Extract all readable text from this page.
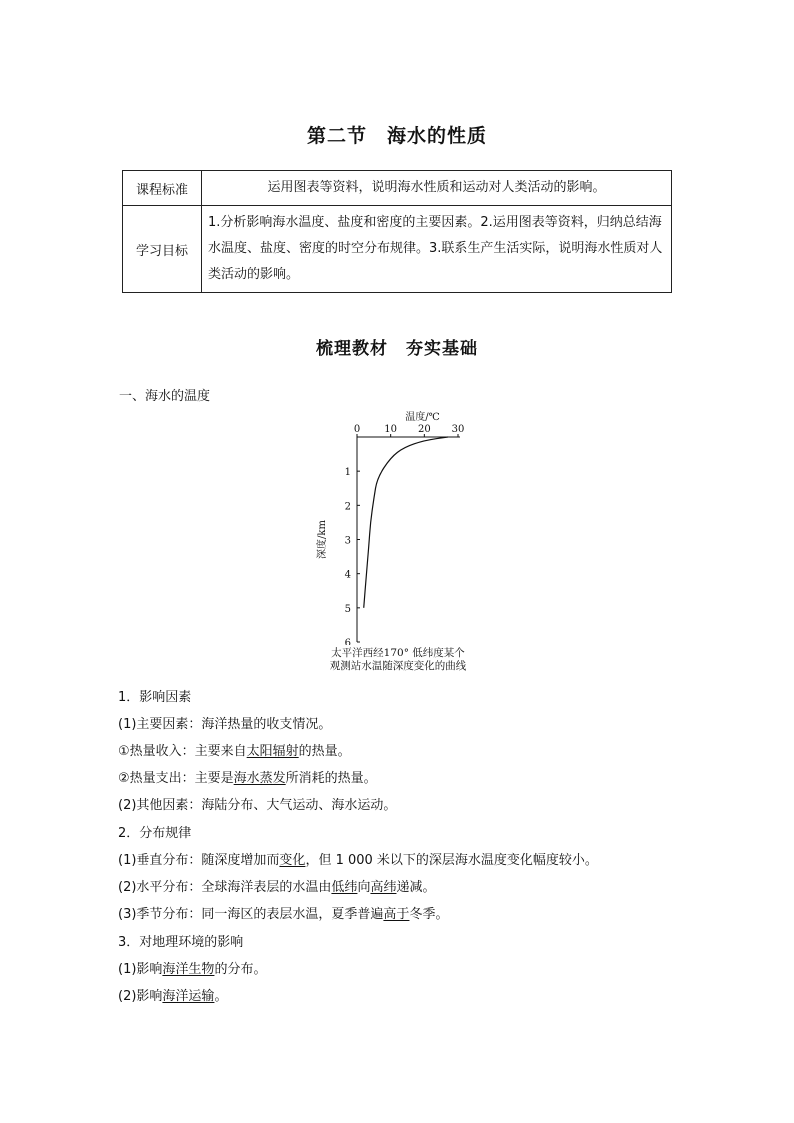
第二节　海水的性质
课程标准	运用图表等资料，说明海水性质和运动对人类活动的影响。
学习目标	1.分析影响海水温度、盐度和密度的主要因素。2.运用图表等资料，归纳总结海水温度、盐度、密度的时空分布规律。3.联系生产生活实际，说明海水性质对人类活动的影响。
梳理教材　夯实基础
一、海水的温度
0 10 20 30
1
2
3
4
5
6
温度/℃
深度/km
太平洋西经170° 低纬度某个
观测站水温随深度变化的曲线
1．影响因素
(1)主要因素：海洋热量的收支情况。
①热量收入：主要来自太阳辐射的热量。
②热量支出：主要是海水蒸发所消耗的热量。
(2)其他因素：海陆分布、大气运动、海水运动。
2．分布规律
(1)垂直分布：随深度增加而变化，但 1 000 米以下的深层海水温度变化幅度较小。
(2)水平分布：全球海洋表层的水温由低纬向高纬递减。
(3)季节分布：同一海区的表层水温，夏季普遍高于冬季。
3．对地理环境的影响
(1)影响海洋生物的分布。
(2)影响海洋运输。
